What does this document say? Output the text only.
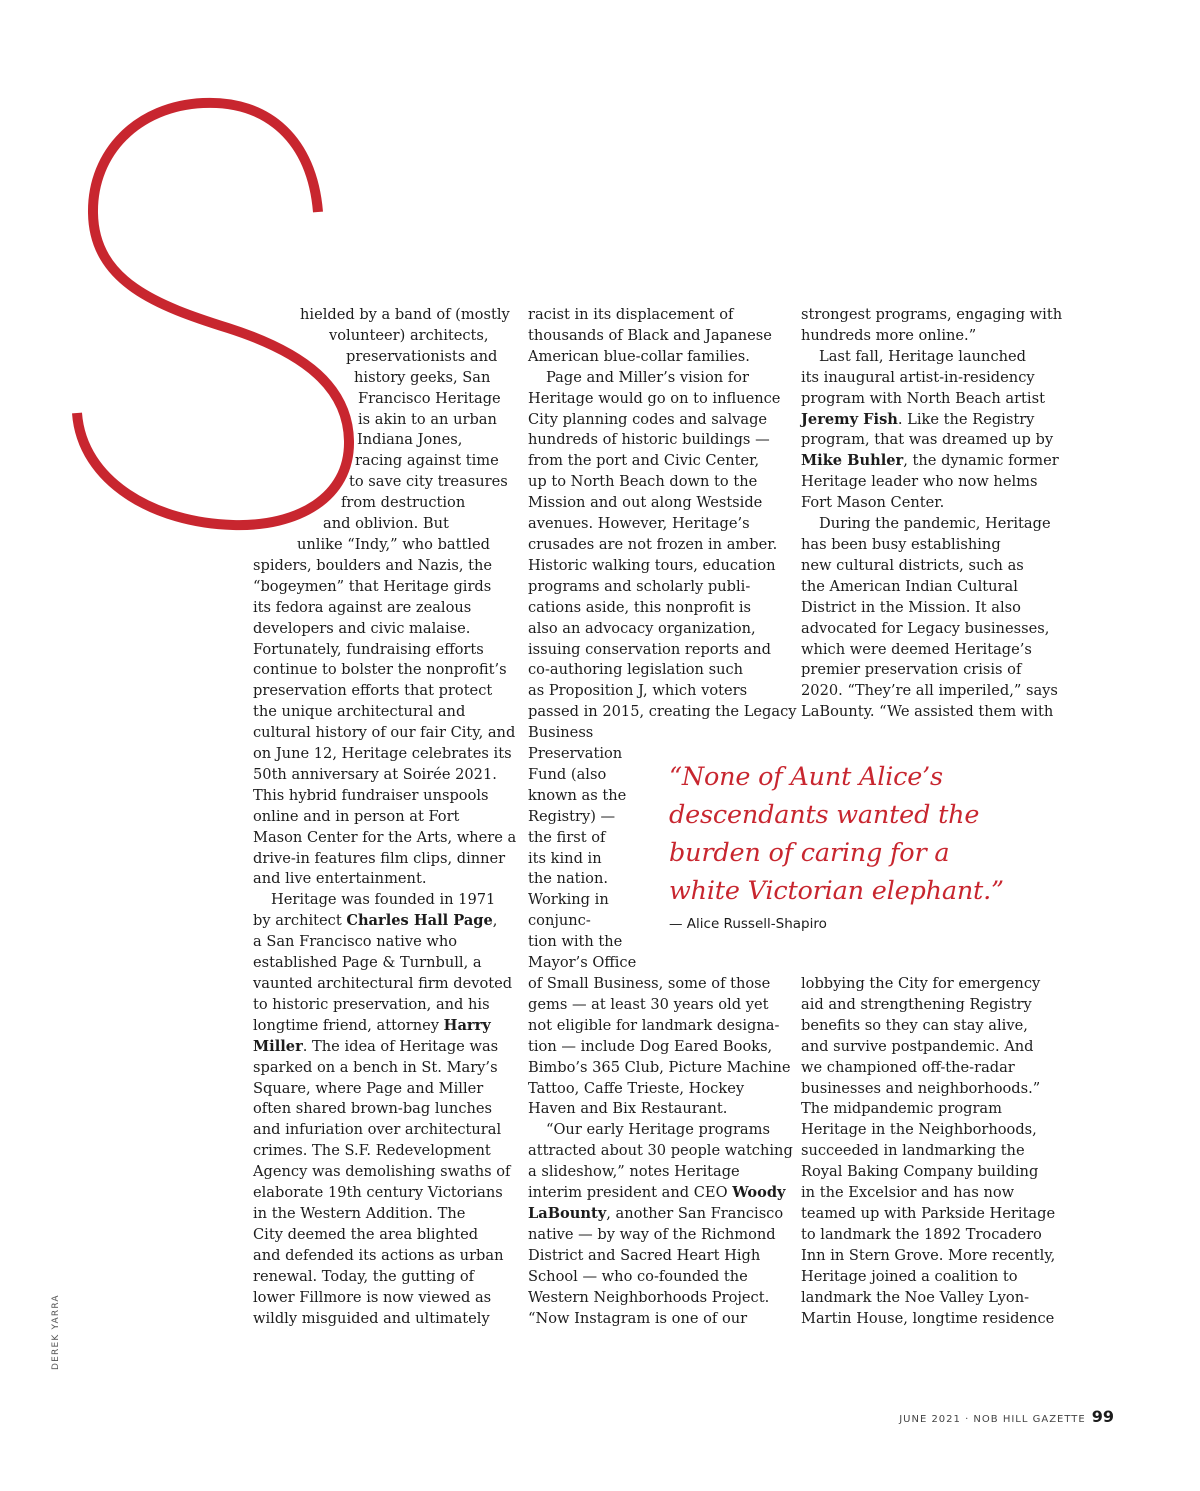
hielded by a band of (mostly
volunteer) architects,
preservationists and
history geeks, San
Francisco Heritage
is akin to an urban
Indiana Jones,
racing against time
to save city treasures
from destruction
and oblivion. But
unlike “Indy,” who battled
spiders, boulders and Nazis, the
“bogeymen” that Heritage girds
its fedora against are zealous
developers and civic malaise.
Fortunately, fundraising efforts
continue to bolster the nonprofit’s
preservation efforts that protect
the unique architectural and
cultural history of our fair City, and
on June 12, Heritage celebrates its
50th anniversary at Soirée 2021.
This hybrid fundraiser unspools
online and in person at Fort
Mason Center for the Arts, where a
drive-in features film clips, dinner
and live entertainment.
Heritage was founded in 1971
by architect Charles Hall Page,
a San Francisco native who
established Page & Turnbull, a
vaunted architectural firm devoted
to historic preservation, and his
longtime friend, attorney Harry
Miller. The idea of Heritage was
sparked on a bench in St. Mary’s
Square, where Page and Miller
often shared brown-bag lunches
and infuriation over architectural
crimes. The S.F. Redevelopment
Agency was demolishing swaths of
elaborate 19th century Victorians
in the Western Addition. The
City deemed the area blighted
and defended its actions as urban
renewal. Today, the gutting of
lower Fillmore is now viewed as
wildly misguided and ultimately
racist in its displacement of
thousands of Black and Japanese
American blue-collar families.
Page and Miller’s vision for
Heritage would go on to influence
City planning codes and salvage
hundreds of historic buildings —
from the port and Civic Center,
up to North Beach down to the
Mission and out along Westside
avenues. However, Heritage’s
crusades are not frozen in amber.
Historic walking tours, education
programs and scholarly publi-
cations aside, this nonprofit is
also an advocacy organization,
issuing conservation reports and
co-authoring legislation such
as Proposition J, which voters
passed in 2015, creating the Legacy
Business
Preservation
Fund (also
known as the
Registry) —
the first of
its kind in
the nation.
Working in
conjunc-
tion with the
Mayor’s Office
of Small Business, some of those
gems — at least 30 years old yet
not eligible for landmark designa-
tion — include Dog Eared Books,
Bimbo’s 365 Club, Picture Machine
Tattoo, Caffe Trieste, Hockey
Haven and Bix Restaurant.
“Our early Heritage programs
attracted about 30 people watching
a slideshow,” notes Heritage
interim president and CEO Woody
LaBounty, another San Francisco
native — by way of the Richmond
District and Sacred Heart High
School — who co-founded the
Western Neighborhoods Project.
“Now Instagram is one of our
strongest programs, engaging with
hundreds more online.”
Last fall, Heritage launched
its inaugural artist-in-residency
program with North Beach artist
Jeremy Fish. Like the Registry
program, that was dreamed up by
Mike Buhler, the dynamic former
Heritage leader who now helms
Fort Mason Center.
During the pandemic, Heritage
has been busy establishing
new cultural districts, such as
the American Indian Cultural
District in the Mission. It also
advocated for Legacy businesses,
which were deemed Heritage’s
premier preservation crisis of
2020. “They’re all imperiled,” says
LaBounty. “We assisted them with
lobbying the City for emergency
aid and strengthening Registry
benefits so they can stay alive,
and survive postpandemic. And
we championed off-the-radar
businesses and neighborhoods.”
The midpandemic program
Heritage in the Neighborhoods,
succeeded in landmarking the
Royal Baking Company building
in the Excelsior and has now
teamed up with Parkside Heritage
to landmark the 1892 Trocadero
Inn in Stern Grove. More recently,
Heritage joined a coalition to
landmark the Noe Valley Lyon-
Martin House, longtime residence
“None of Aunt Alice’s
descendants wanted the
burden of caring for a
white Victorian elephant.”
— Alice Russell-Shapiro
DEREK YARRA
JUNE 2021 · NOB HILL GAZETTE 99
